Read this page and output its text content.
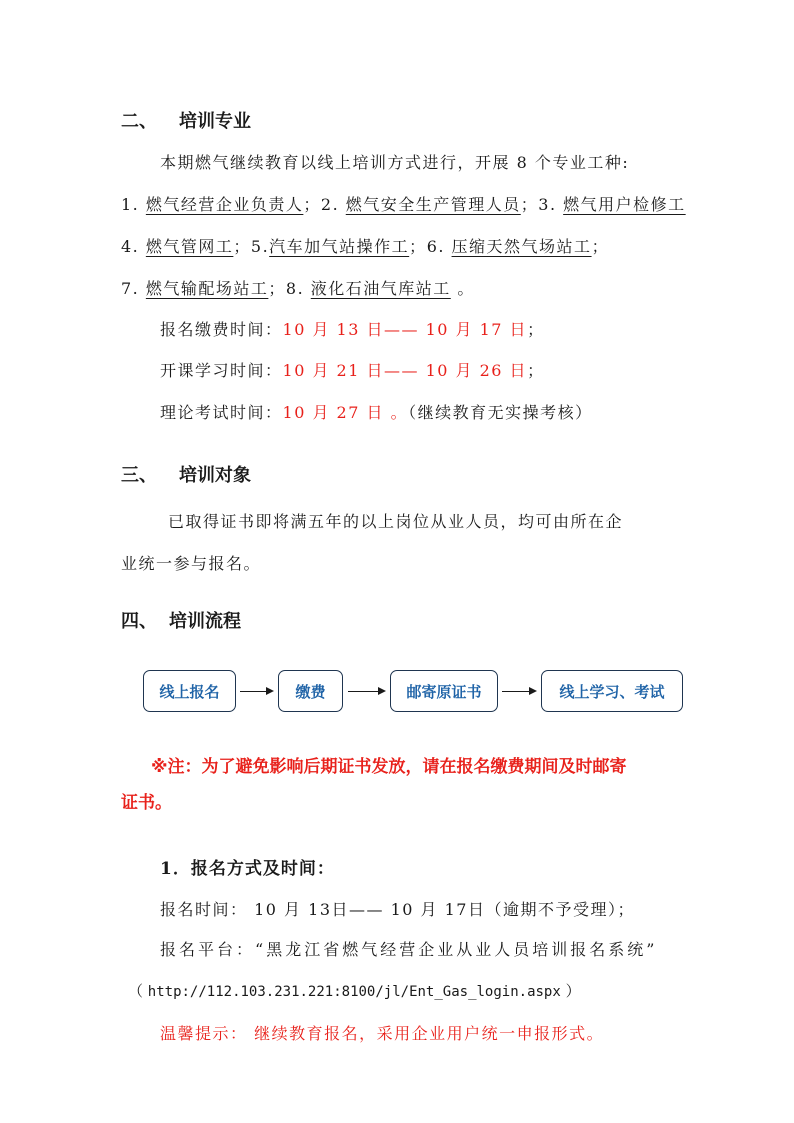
二、 培训专业
本期燃气继续教育以线上培训方式进行，开展 8 个专业工种:
1. 燃气经营企业负责人；2. 燃气安全生产管理人员；3. 燃气用户检修工
4. 燃气管网工；5.汽车加气站操作工；6. 压缩天然气场站工；
7. 燃气输配场站工；8. 液化石油气库站工 。
报名缴费时间：10 月 13 日—— 10 月 17 日；
开课学习时间：10 月 21 日—— 10 月 26 日；
理论考试时间：10 月 27 日 。（继续教育无实操考核）
三、 培训对象
已取得证书即将满五年的以上岗位从业人员，均可由所在企
业统一参与报名。
四、 培训流程
线上报名	缴费	邮寄原证书	线上学习、考试
※注：为了避免影响后期证书发放，请在报名缴费期间及时邮寄
证书。
1．报名方式及时间：
报名时间： 10 月 13日—— 10 月 17日（逾期不予受理）；
报名平台：“黑龙江省燃气经营企业从业人员培训报名系统”
（ http://112.103.231.221:8100/jl/Ent_Gas_login.aspx ）
温馨提示： 继续教育报名，采用企业用户统一申报形式。
